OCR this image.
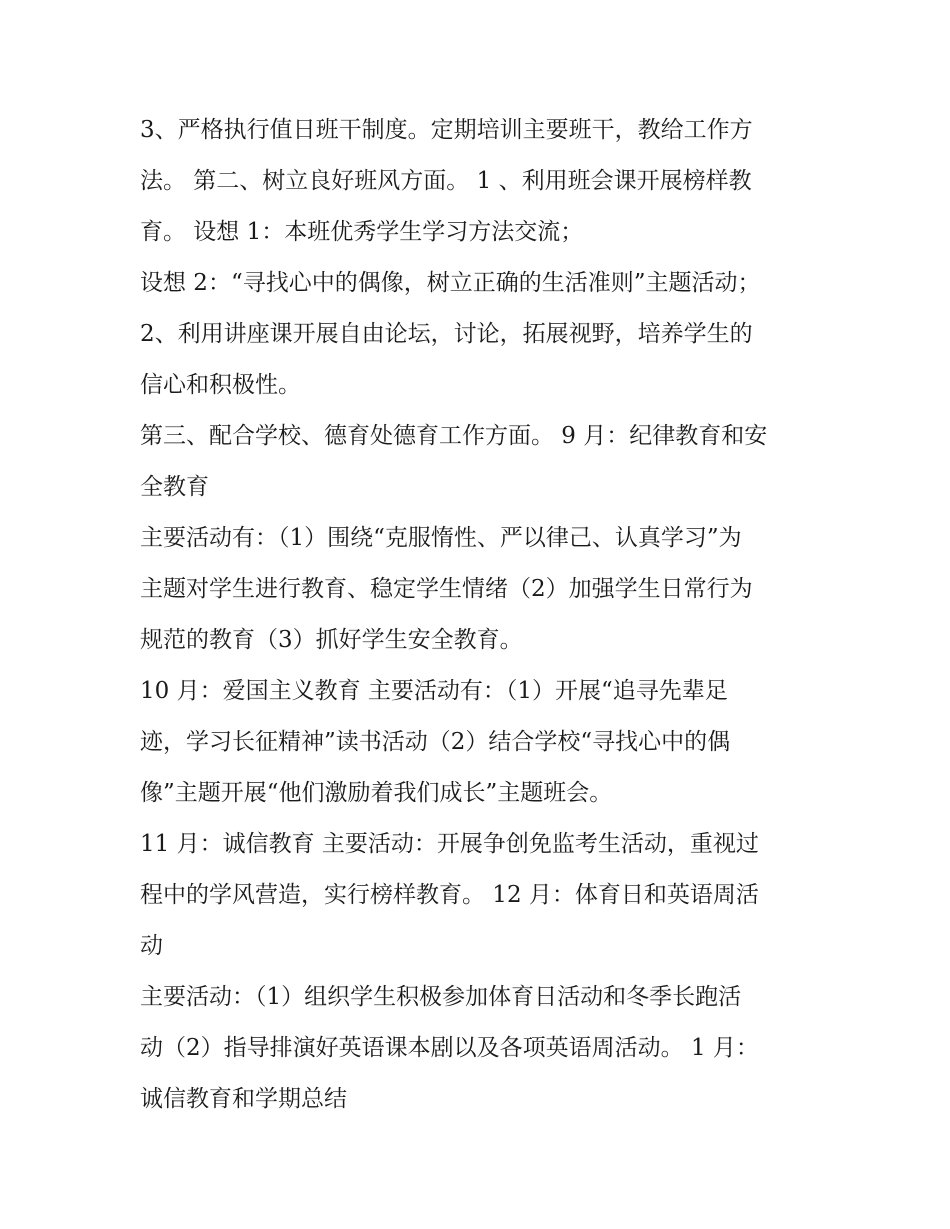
3、严格执行值日班干制度。定期培训主要班干，教给工作方
法。 第二、树立良好班风方面。 1 、利用班会课开展榜样教
育。 设想 1：本班优秀学生学习方法交流；
设想 2：“寻找心中的偶像，树立正确的生活准则”主题活动；
2、利用讲座课开展自由论坛，讨论，拓展视野，培养学生的
信心和积极性。
第三、配合学校、德育处德育工作方面。 9 月：纪律教育和安
全教育
主要活动有：（1）围绕“克服惰性、严以律己、认真学习”为
主题对学生进行教育、稳定学生情绪（2）加强学生日常行为
规范的教育（3）抓好学生安全教育。
10 月：爱国主义教育 主要活动有：（1）开展“追寻先辈足
迹，学习长征精神”读书活动（2）结合学校“寻找心中的偶
像”主题开展“他们激励着我们成长”主题班会。
11 月：诚信教育 主要活动：开展争创免监考生活动，重视过
程中的学风营造，实行榜样教育。 12 月：体育日和英语周活
动
主要活动：（1）组织学生积极参加体育日活动和冬季长跑活
动（2）指导排演好英语课本剧以及各项英语周活动。 1 月：
诚信教育和学期总结
